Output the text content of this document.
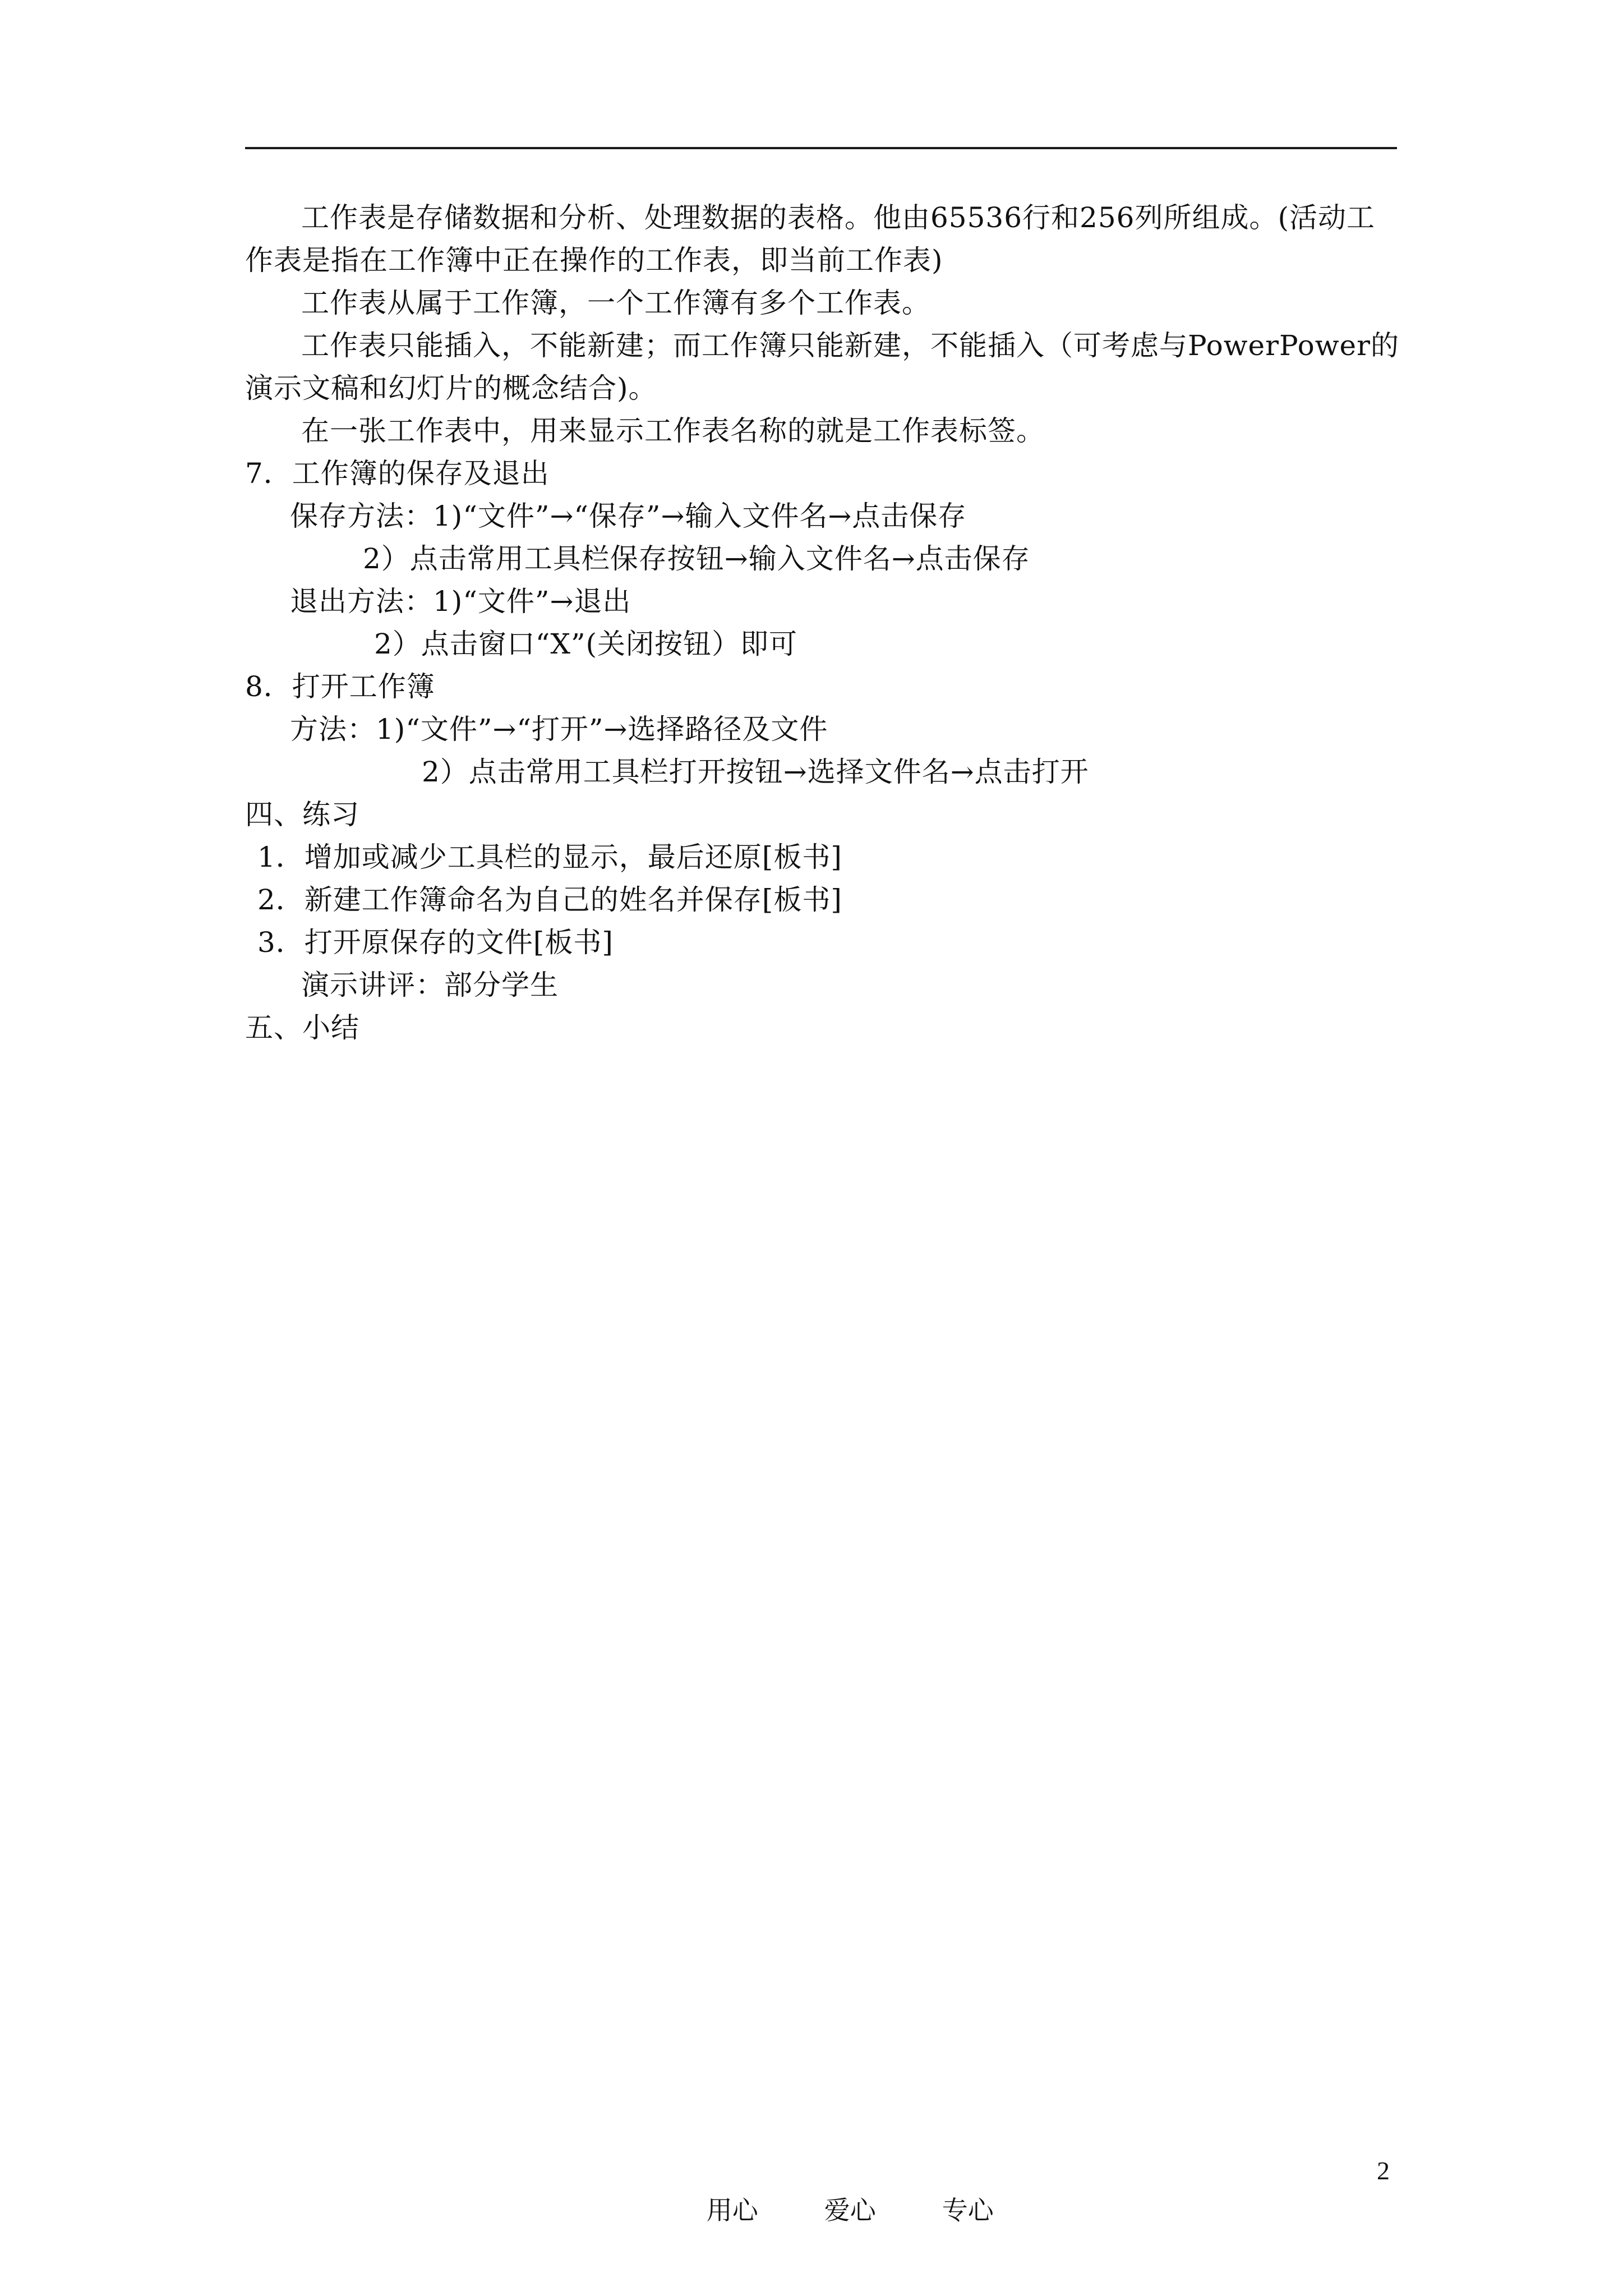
工作表是存储数据和分析、处理数据的表格。他由65536行和256列所组成。(活动工
作表是指在工作簿中正在操作的工作表，即当前工作表)
工作表从属于工作簿，一个工作簿有多个工作表。
工作表只能插入，不能新建；而工作簿只能新建，不能插入（可考虑与PowerPower的
演示文稿和幻灯片的概念结合)。
在一张工作表中，用来显示工作表名称的就是工作表标签。
7．工作簿的保存及退出
保存方法：1)“文件”→“保存”→输入文件名→点击保存
2）点击常用工具栏保存按钮→输入文件名→点击保存
退出方法：1)“文件”→退出
2）点击窗口“X”(关闭按钮）即可
8．打开工作簿
方法：1)“文件”→“打开”→选择路径及文件
2）点击常用工具栏打开按钮→选择文件名→点击打开
四、练习
1．增加或减少工具栏的显示，最后还原[板书]
2．新建工作簿命名为自己的姓名并保存[板书]
3．打开原保存的文件[板书]
演示讲评：部分学生
五、小结

用心	爱心	专心

2
